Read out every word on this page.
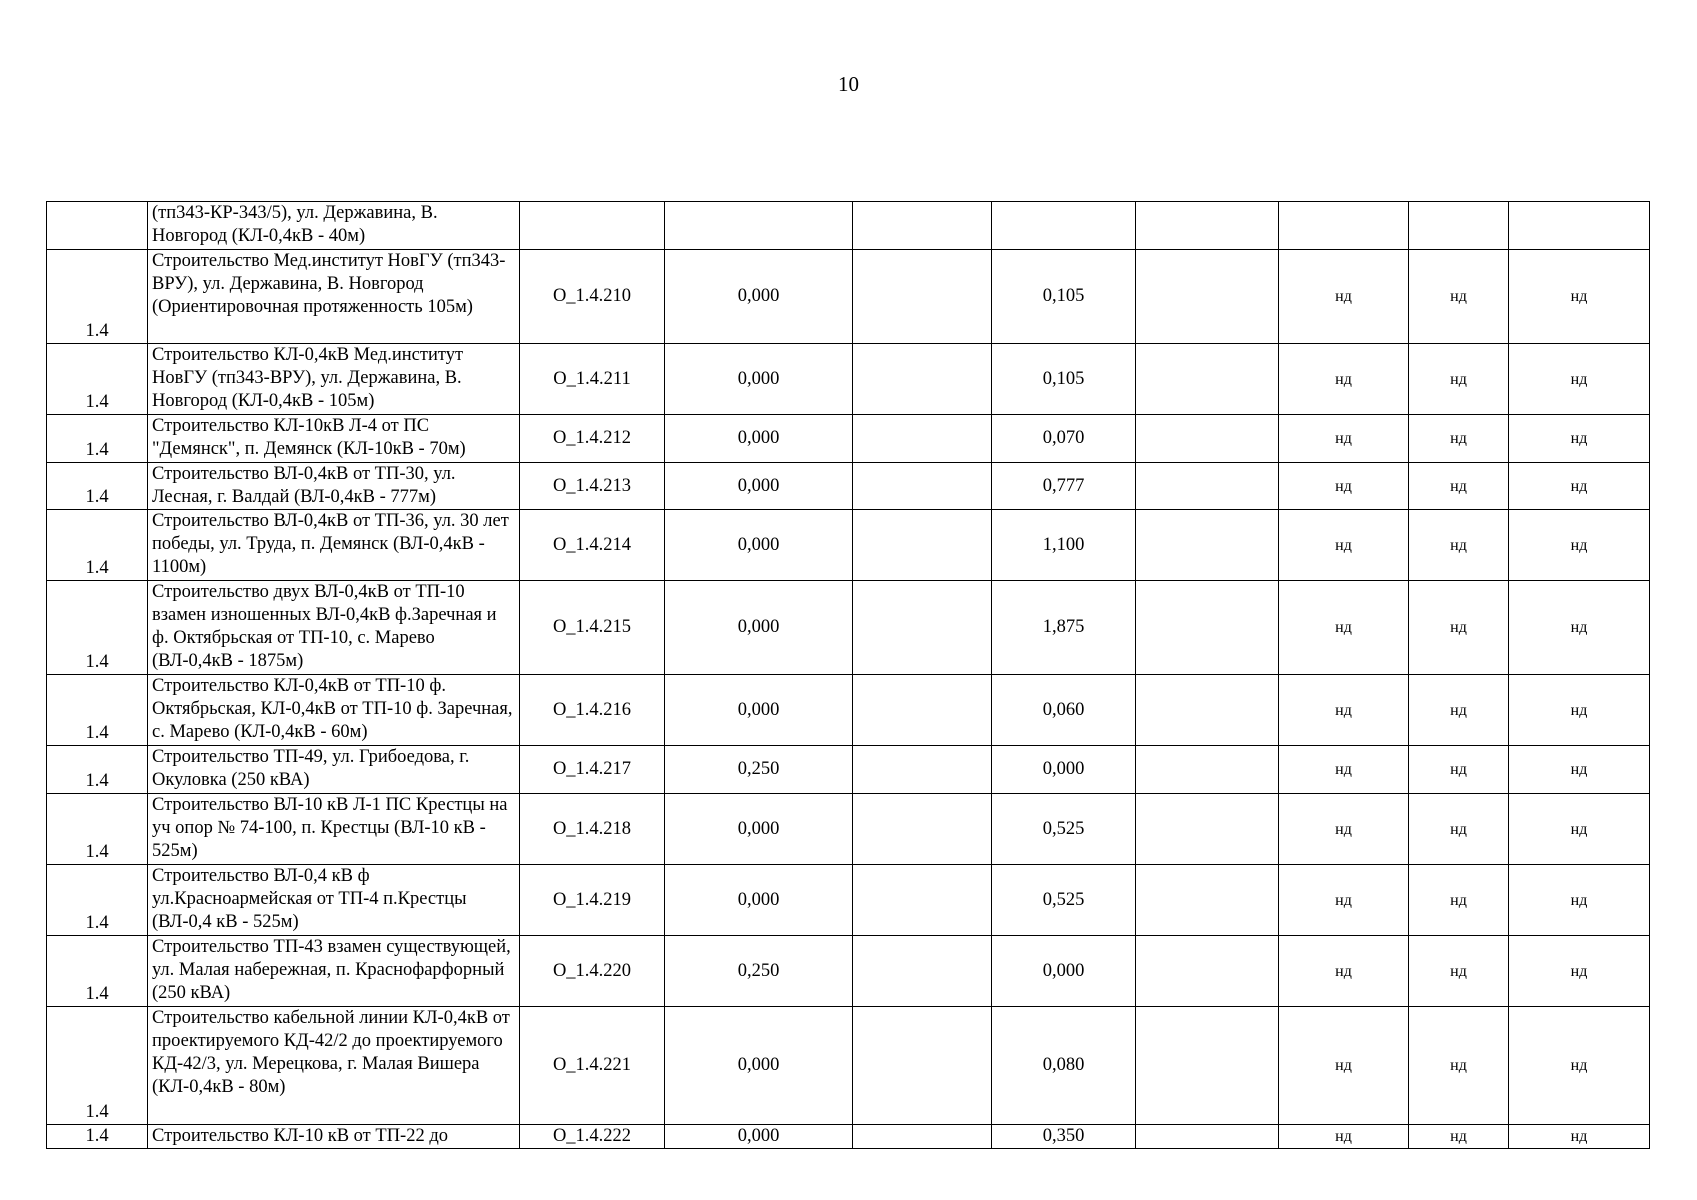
10
	(тп343-КР-343/5), ул. Державина, В. Новгород (КЛ-0,4кВ - 40м)								
1.4	Строительство Мед.институт НовГУ (тп343-ВРУ), ул. Державина, В. Новгород (Ориентировочная протяженность 105м)	О_1.4.210	0,000		0,105		нд	нд	нд
1.4	Строительство КЛ-0,4кВ Мед.институт НовГУ (тп343-ВРУ), ул. Державина, В. Новгород (КЛ-0,4кВ - 105м)	О_1.4.211	0,000		0,105		нд	нд	нд
1.4	Строительство КЛ-10кВ Л-4 от ПС "Демянск", п. Демянск (КЛ-10кВ - 70м)	О_1.4.212	0,000		0,070		нд	нд	нд
1.4	Строительство ВЛ-0,4кВ от ТП-30, ул. Лесная, г. Валдай (ВЛ-0,4кВ - 777м)	О_1.4.213	0,000		0,777		нд	нд	нд
1.4	Строительство ВЛ-0,4кВ от ТП-36, ул. 30 лет победы, ул. Труда, п. Демянск (ВЛ-0,4кВ - 1100м)	О_1.4.214	0,000		1,100		нд	нд	нд
1.4	Строительство двух ВЛ-0,4кВ от ТП-10 взамен изношенных ВЛ-0,4кВ ф.Заречная и ф. Октябрьская от ТП-10, с. Марево (ВЛ-0,4кВ - 1875м)	О_1.4.215	0,000		1,875		нд	нд	нд
1.4	Строительство КЛ-0,4кВ от ТП-10 ф. Октябрьская, КЛ-0,4кВ от ТП-10 ф. Заречная, с. Марево (КЛ-0,4кВ - 60м)	О_1.4.216	0,000		0,060		нд	нд	нд
1.4	Строительство ТП-49, ул. Грибоедова, г. Окуловка (250 кВА)	О_1.4.217	0,250		0,000		нд	нд	нд
1.4	Строительство ВЛ-10 кВ Л-1 ПС Крестцы на уч опор № 74-100, п. Крестцы (ВЛ-10 кВ - 525м)	О_1.4.218	0,000		0,525		нд	нд	нд
1.4	Строительство ВЛ-0,4 кВ ф ул.Красноармейская от ТП-4 п.Крестцы (ВЛ-0,4 кВ - 525м)	О_1.4.219	0,000		0,525		нд	нд	нд
1.4	Строительство ТП-43 взамен существующей, ул. Малая набережная, п. Краснофарфорный (250 кВА)	О_1.4.220	0,250		0,000		нд	нд	нд
1.4	Строительство кабельной линии КЛ-0,4кВ от проектируемого КД-42/2 до проектируемого КД-42/3, ул. Мерецкова, г. Малая Вишера (КЛ-0,4кВ - 80м)	О_1.4.221	0,000		0,080		нд	нд	нд
1.4	Строительство КЛ-10 кВ от ТП-22 до	О_1.4.222	0,000		0,350		нд	нд	нд
